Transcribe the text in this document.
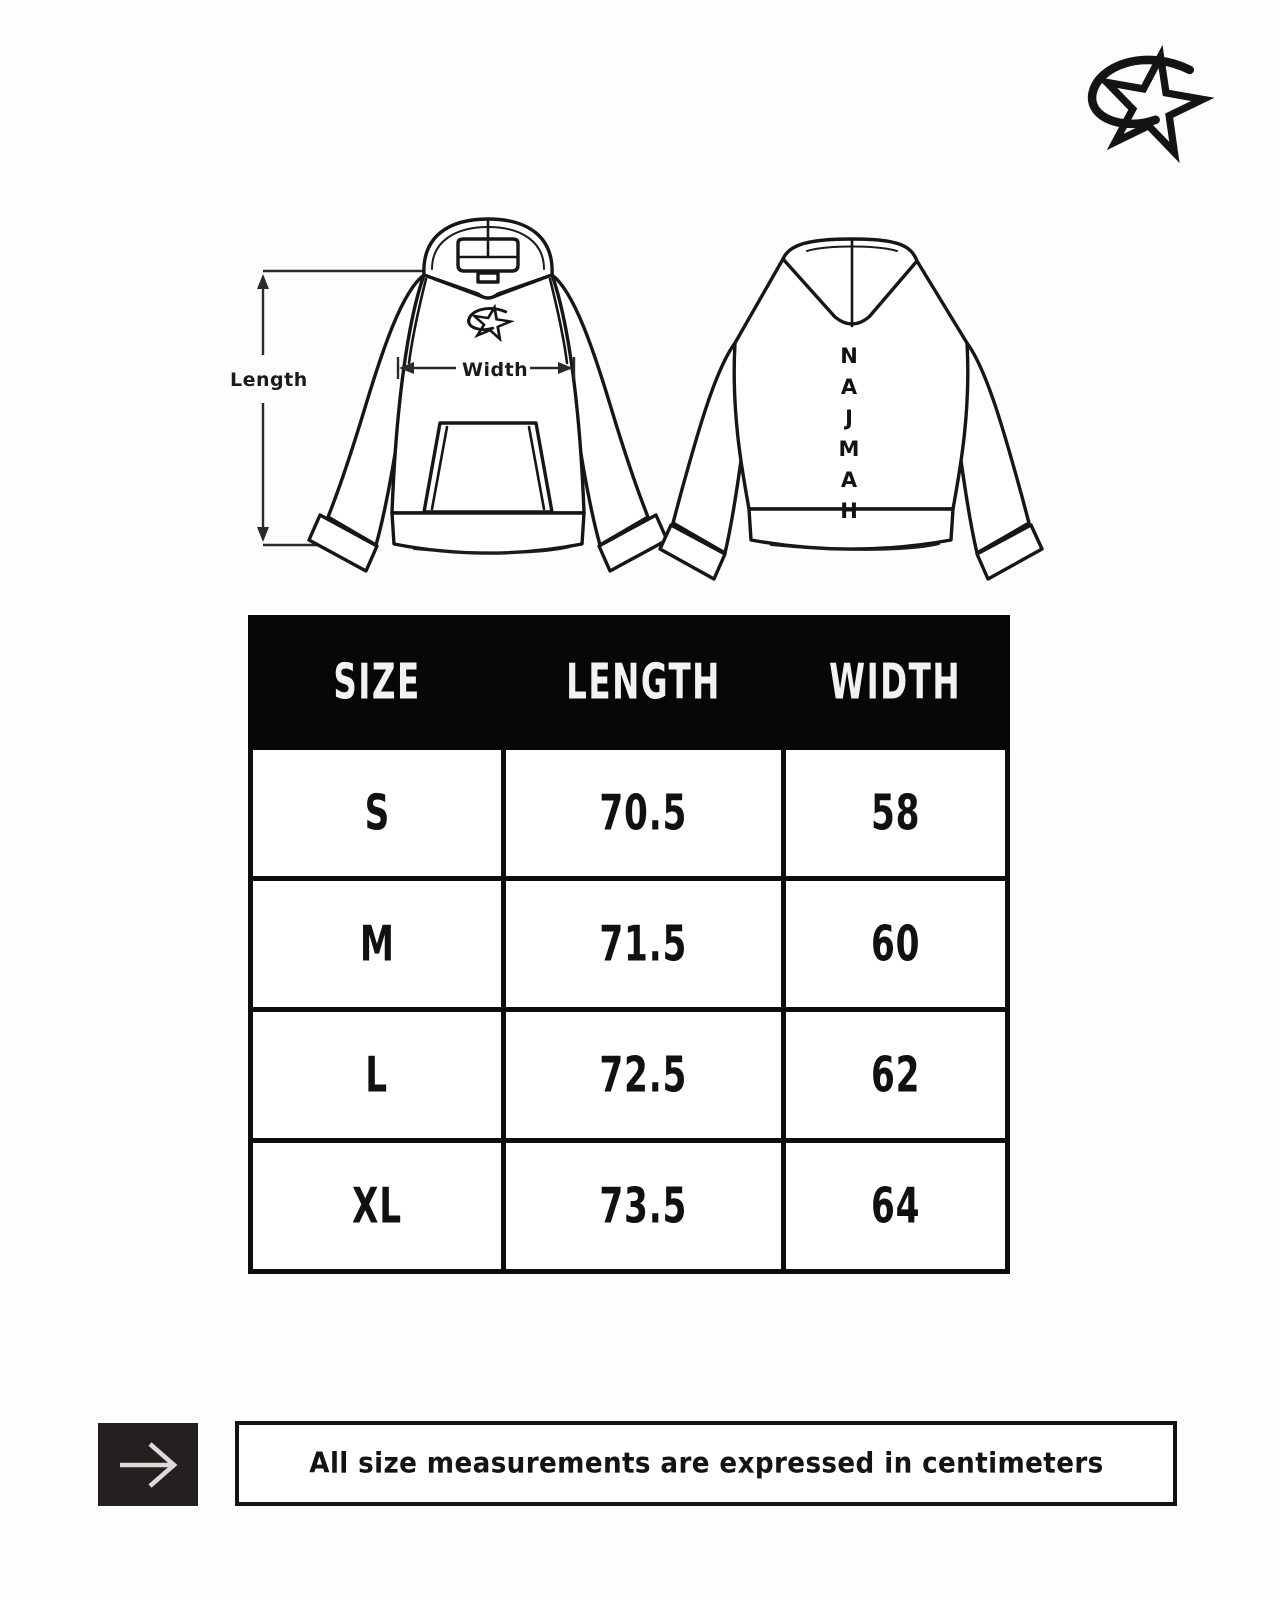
Length	Width	NAJMAH
SIZE	LENGTH	WIDTH
S	70.5	58
M	71.5	60
L	72.5	62
XL	73.5	64
All size measurements are expressed in centimeters
